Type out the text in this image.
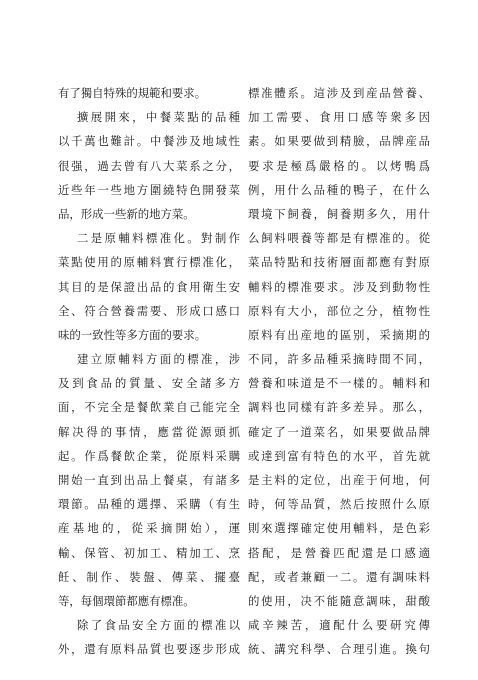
有了獨自特殊的規範和要求。
擴展開來，中餐菜點的品種
以千萬也難計。中餐涉及地域性
很强，過去曾有八大菜系之分，
近些年一些地方圍繞特色開發菜
品，形成一些新的地方菜。
二是原輔料標准化。對制作
菜點使用的原輔料實行標准化，
其目的是保證出品的食用衛生安
全、符合營養需要、形成口感口
味的一致性等多方面的要求。
建立原輔料方面的標准，涉
及到食品的質量、安全諸多方
面，不完全是餐飲業自己能完全
解决得的事情，應當從源頭抓
起。作爲餐飲企業，從原料采購
開始一直到出品上餐桌，有諸多
環節。品種的選擇、采購（有生
産基地的，從采摘開始），運
輸、保管、初加工、精加工、烹
飪、制作、裝盤、傳菜、擺臺
等，每個環節都應有標准。
除了食品安全方面的標准以
外，還有原料品質也要逐步形成
標准體系。這涉及到産品營養、
加工需要、食用口感等衆多因
素。如果要做到精臉，品牌産品
要求是極爲嚴格的。以烤鴨爲
例，用什么品種的鴨子，在什么
環境下飼養，飼養期多久，用什
么飼料喂養等都是有標准的。從
菜品特點和技術層面都應有對原
輔料的標准要求。涉及到動物性
原料有大小，部位之分，植物性
原料有出産地的區别，采摘期的
不同，許多品種采摘時間不同，
營養和味道是不一樣的。輔料和
調料也同樣有許多差异。那么，
確定了一道菜名，如果要做品牌
或達到富有特色的水平，首先就
是主料的定位，出産于何地，何
時，何等品質，然后按照什么原
則來選擇確定使用輔料，是色彩
搭配，是營養匹配還是口感適
配，或者兼顧一二。還有調味料
的使用，决不能隨意調味，甜酸
咸辛辣苦，適配什么要研究傳
統、講究科學、合理引進。換句
